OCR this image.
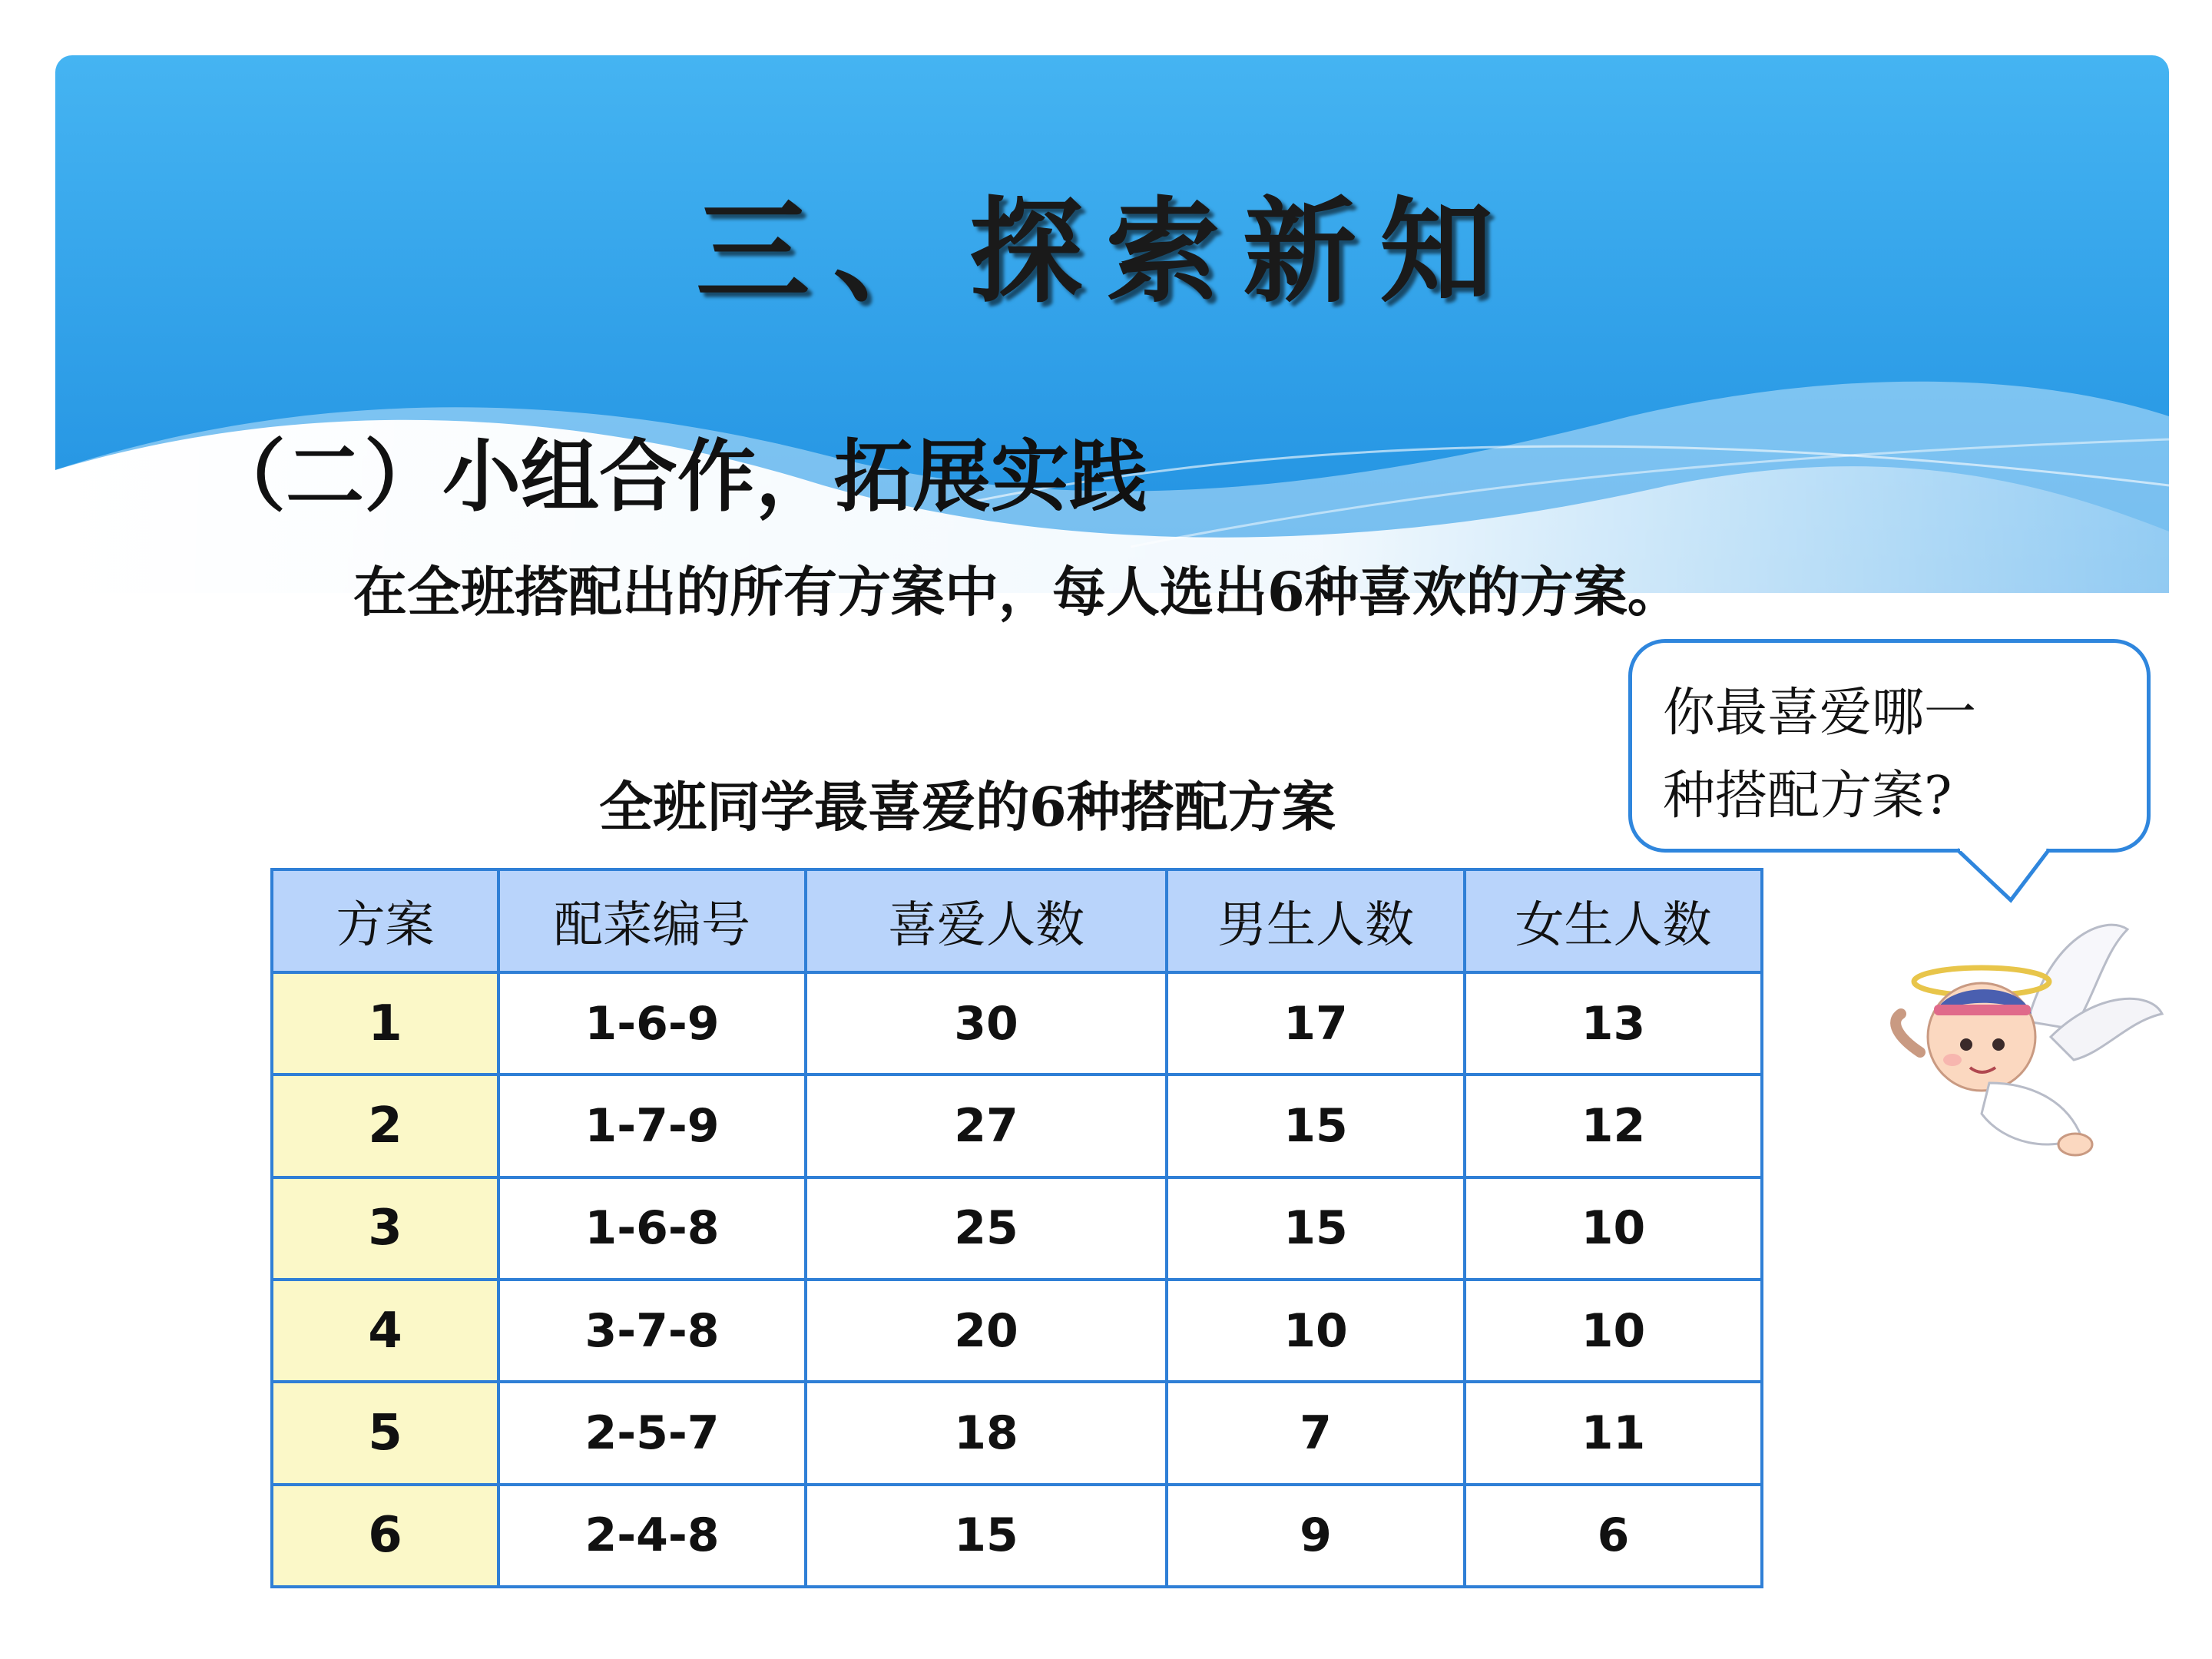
三、探索新知
（二）小组合作，拓展实践
在全班搭配出的所有方案中，每人选出6种喜欢的方案。
你最喜爱哪一
种搭配方案?
全班同学最喜爱的6种搭配方案
方案	配菜编号	喜爱人数	男生人数	女生人数
1	1-6-9	30	17	13
2	1-7-9	27	15	12
3	1-6-8	25	15	10
4	3-7-8	20	10	10
5	2-5-7	18	7	11
6	2-4-8	15	9	6
